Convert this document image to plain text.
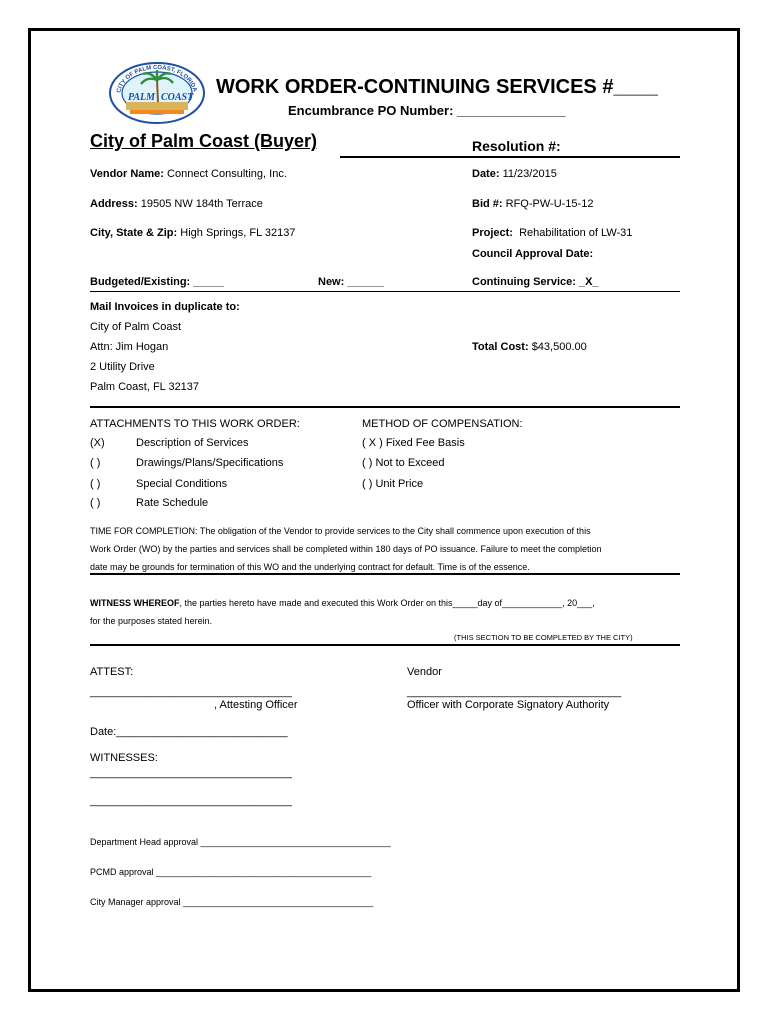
CITY OF PALM COAST, FLORIDA
PALM COAST WORK ORDER-CONTINUING SERVICES #____
Encumbrance PO Number: _______________
City of Palm Coast (Buyer)	Resolution #:
Vendor Name: Connect Consulting, Inc.	Date: 11/23/2015
Address: 19505 NW 184th Terrace	Bid #: RFQ-PW-U-15-12
City, State & Zip: High Springs, FL 32137	Project: Rehabilitation of LW-31
Council Approval Date:
Budgeted/Existing: _____	New: ______	Continuing Service: _X_
Mail Invoices in duplicate to:
City of Palm Coast
Attn: Jim Hogan
2 Utility Drive
Palm Coast, FL 32137
Total Cost: $43,500.00
ATTACHMENTS TO THIS WORK ORDER:	METHOD OF COMPENSATION:
(X)	Description of Services
( )	Drawings/Plans/Specifications
( )	Special Conditions
( )	Rate Schedule
( X ) Fixed Fee Basis
( ) Not to Exceed
( ) Unit Price
TIME FOR COMPLETION: The obligation of the Vendor to provide services to the City shall commence upon execution of this
Work Order (WO) by the parties and services shall be completed within 180 days of PO issuance. Failure to meet the completion
date may be grounds for termination of this WO and the underlying contract for default. Time is of the essence.
WITNESS WHEREOF, the parties hereto have made and executed this Work Order on this_____day of____________, 20___,
for the purposes stated herein.
(THIS SECTION TO BE COMPLETED BY THE CITY)
ATTEST:	Vendor
_________________________________	___________________________________
, Attesting Officer	Officer with Corporate Signatory Authority
Date:____________________________
WITNESSES:
_________________________________
_________________________________
Department Head approval ______________________________________
PCMD approval ___________________________________________
City Manager approval ______________________________________
